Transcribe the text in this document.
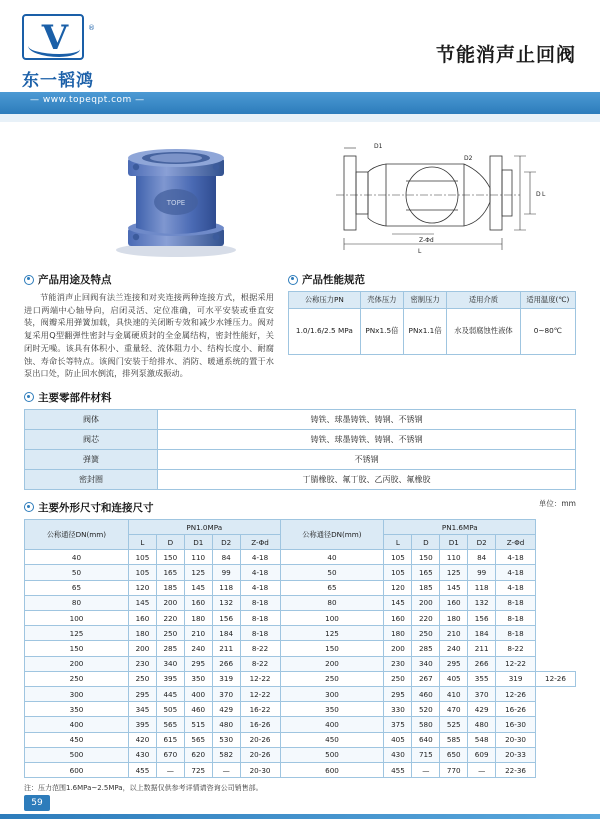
V	®
东一韬鸿
节能消声止回阀
— www.topeqpt.com —
TOPE
Z-Φd
L
D L
D1
D2
产品用途及特点
节能消声止回阀有法兰连接和对夹连接两种连接方式，根据采用进口两端中心轴导向，启闭灵活、定位准确，可水平安装或垂直安装，阀瓣采用弹簧加载，具快速的关闭断专效和减少水锤压力。阀对复采用Q型翻弹性密封与金属硬质封的全金属结构，密封性能好，关闭时无噪。该具有体积小、重量轻、流体阻力小、结构长度小、耐腐蚀、寿命长等特点。该阀门安装于给排水、消防、暖通系统的置于水泵出口处，防止回水倒流，排列泵激成振动。
产品性能规范
公称压力PN	壳体压力	密制压力	适用介质	适用温度(℃)
1.0/1.6/2.5 MPa	PNx1.5倍	PNx1.1倍	水及弱腐蚀性液体	0~80℃
主要零部件材料
阀体	铸铁、球墨铸铁、铸钢、不锈钢
阀芯	铸铁、球墨铸铁、铸钢、不锈钢
弹簧	不锈钢
密封圈	丁腈橡胶、氟丁胶、乙丙胶、氟橡胶
主要外形尺寸和连接尺寸	单位：mm
公称通径DN(mm)	PN1.0MPa					公称通径DN(mm)	PN1.6MPa					
	L	D	D1	D2	Z-Φd		L	D	D1	D2	Z-Φd	
40	105	150	110	84	4-18	40	105	150	110	84	4-18	
50	105	165	125	99	4-18	50	105	165	125	99	4-18	
65	120	185	145	118	4-18	65	120	185	145	118	4-18	
80	145	200	160	132	8-18	80	145	200	160	132	8-18	
100	160	220	180	156	8-18	100	160	220	180	156	8-18	
125	180	250	210	184	8-18	125	180	250	210	184	8-18	
150	200	285	240	211	8-22	150	200	285	240	211	8-22	
200	230	340	295	266	8-22	200	230	340	295	266	12-22	
250	250	395	350	319	12-22	250	250	267	405	355	319	12-26
300	295	445	400	370	12-22	300	295	460	410	370	12-26	
350	345	505	460	429	16-22	350	330	520	470	429	16-26	
400	395	565	515	480	16-26	400	375	580	525	480	16-30	
450	420	615	565	530	20-26	450	405	640	585	548	20-30	
500	430	670	620	582	20-26	500	430	715	650	609	20-33	
600	455	—	725	—	20-30	600	455	—	770	—	22-36	
注：压力范围1.6MPa~2.5MPa，以上数据仅供参考详情请咨询公司销售部。
59
